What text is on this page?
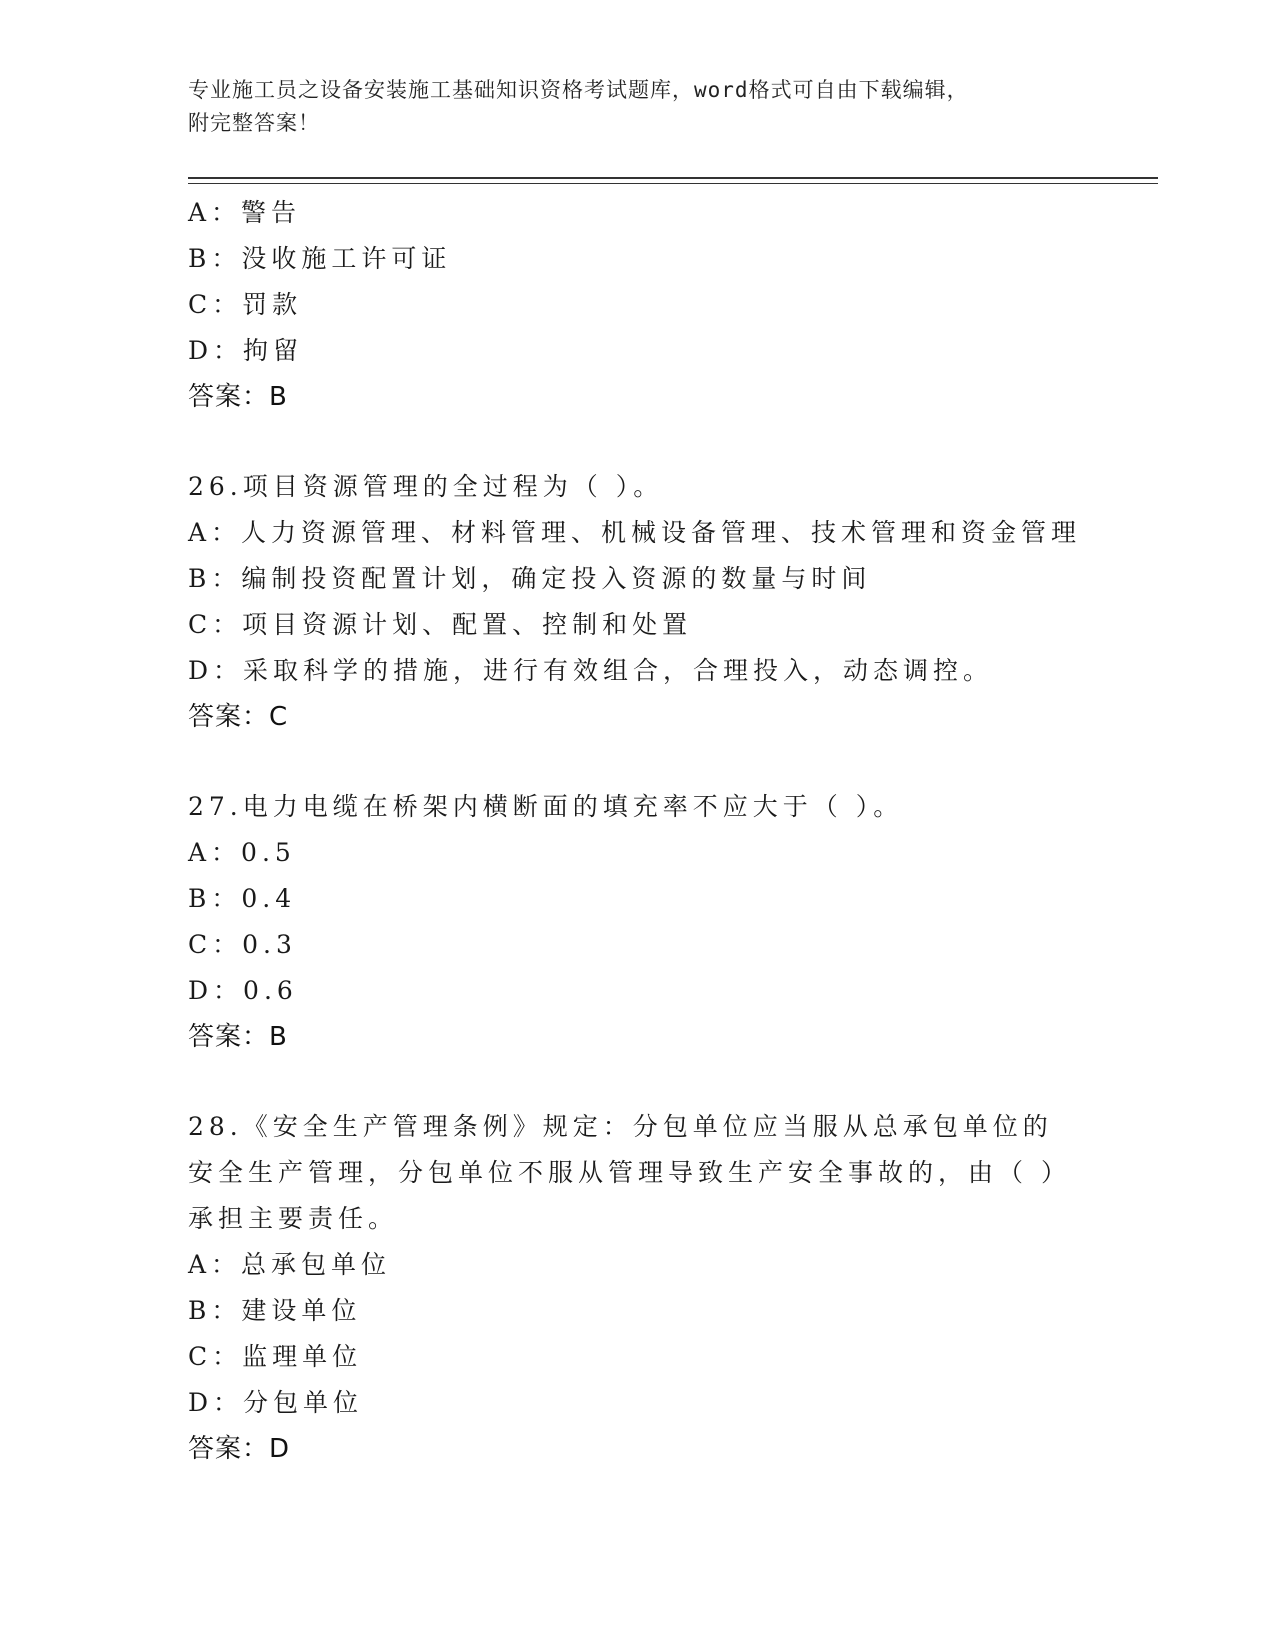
专业施工员之设备安装施工基础知识资格考试题库，word格式可自由下载编辑，
附完整答案！
A：警告
B：没收施工许可证
C：罚款
D：拘留
答案：B
26.项目资源管理的全过程为（ ）。
A：人力资源管理、材料管理、机械设备管理、技术管理和资金管理
B：编制投资配置计划，确定投入资源的数量与时间
C：项目资源计划、配置、控制和处置
D：采取科学的措施，进行有效组合，合理投入，动态调控。
答案：C
27.电力电缆在桥架内横断面的填充率不应大于（ ）。
A：0.5
B：0.4
C：0.3
D：0.6
答案：B
28.《安全生产管理条例》规定：分包单位应当服从总承包单位的安全生产管理，分包单位不服从管理导致生产安全事故的，由（ ）承担主要责任。
A：总承包单位
B：建设单位
C：监理单位
D：分包单位
答案：D
